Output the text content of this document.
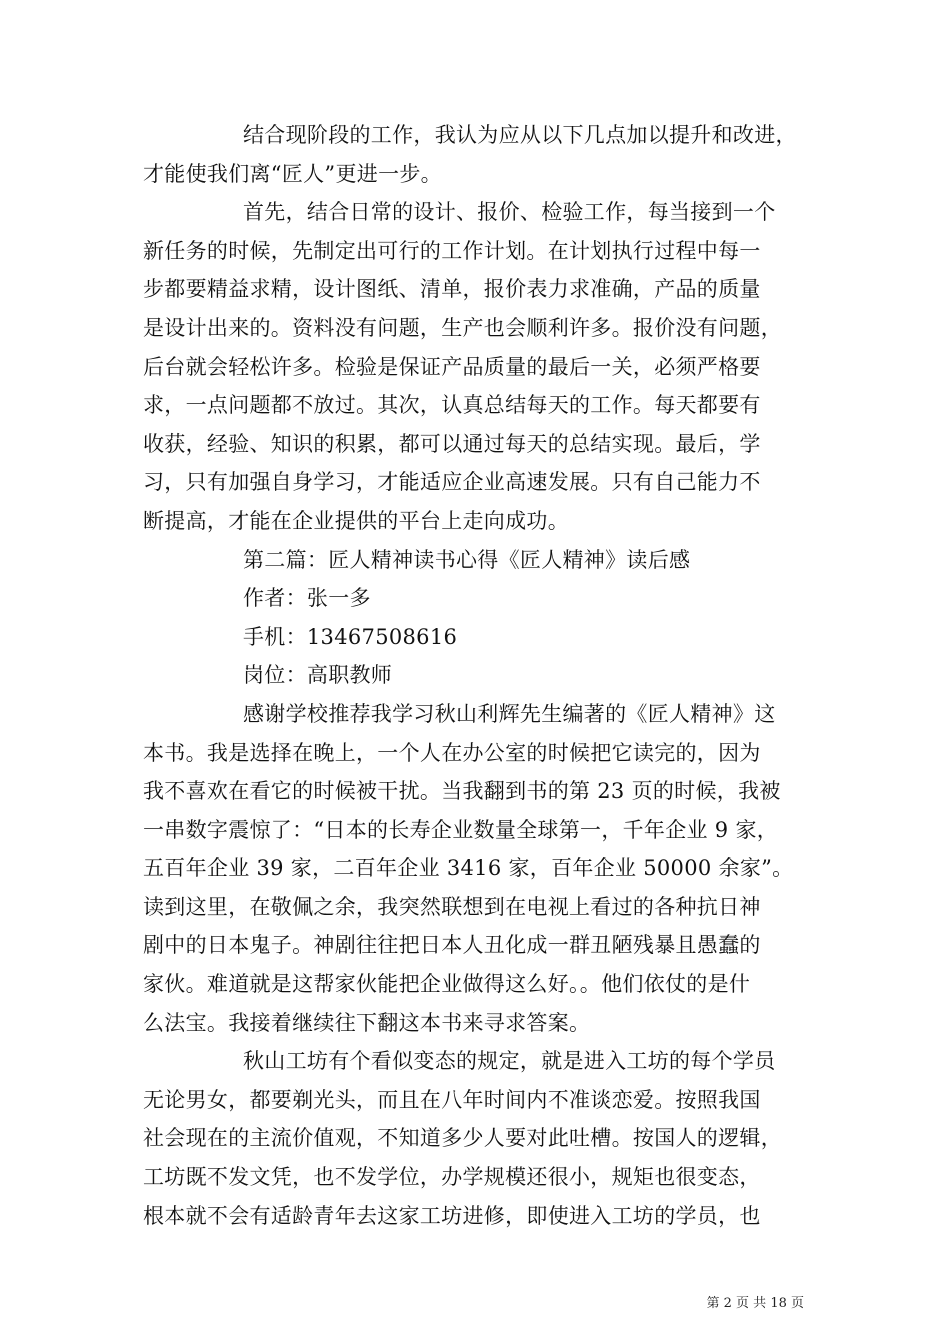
结合现阶段的工作，我认为应从以下几点加以提升和改进，
才能使我们离“匠人”更进一步。
首先，结合日常的设计、报价、检验工作，每当接到一个
新任务的时候，先制定出可行的工作计划。在计划执行过程中每一
步都要精益求精，设计图纸、清单，报价表力求准确，产品的质量
是设计出来的。资料没有问题，生产也会顺利许多。报价没有问题，
后台就会轻松许多。检验是保证产品质量的最后一关，必须严格要
求，一点问题都不放过。其次，认真总结每天的工作。每天都要有
收获，经验、知识的积累，都可以通过每天的总结实现。最后，学
习，只有加强自身学习，才能适应企业高速发展。只有自己能力不
断提高，才能在企业提供的平台上走向成功。
第二篇：匠人精神读书心得《匠人精神》读后感
作者：张一多
手机：13467508616
岗位：高职教师
感谢学校推荐我学习秋山利辉先生编著的《匠人精神》这
本书。我是选择在晚上，一个人在办公室的时候把它读完的，因为
我不喜欢在看它的时候被干扰。当我翻到书的第 23 页的时候，我被
一串数字震惊了：“日本的长寿企业数量全球第一，千年企业 9 家，
五百年企业 39 家，二百年企业 3416 家，百年企业 50000 余家”。
读到这里，在敬佩之余，我突然联想到在电视上看过的各种抗日神
剧中的日本鬼子。神剧往往把日本人丑化成一群丑陋残暴且愚蠢的
家伙。难道就是这帮家伙能把企业做得这么好。。他们依仗的是什
么法宝。我接着继续往下翻这本书来寻求答案。
秋山工坊有个看似变态的规定，就是进入工坊的每个学员
无论男女，都要剃光头，而且在八年时间内不准谈恋爱。按照我国
社会现在的主流价值观，不知道多少人要对此吐槽。按国人的逻辑，
工坊既不发文凭，也不发学位，办学规模还很小，规矩也很变态，
根本就不会有适龄青年去这家工坊进修，即使进入工坊的学员，也
第 2 页 共 18 页
